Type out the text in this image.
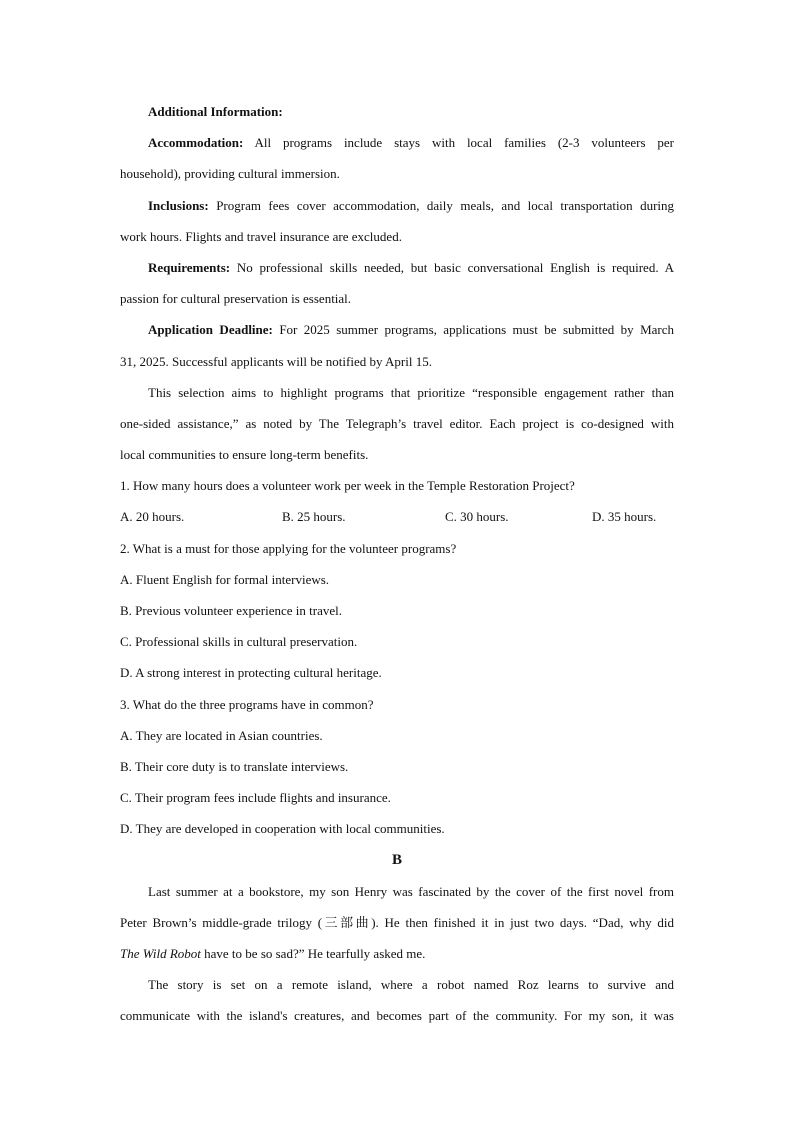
Additional Information:
Accommodation: All programs include stays with local families (2-3 volunteers per
household), providing cultural immersion.
Inclusions: Program fees cover accommodation, daily meals, and local transportation during
work hours. Flights and travel insurance are excluded.
Requirements: No professional skills needed, but basic conversational English is required. A
passion for cultural preservation is essential.
Application Deadline: For 2025 summer programs, applications must be submitted by March
31, 2025. Successful applicants will be notified by April 15.
This selection aims to highlight programs that prioritize “responsible engagement rather than
one-sided assistance,” as noted by The Telegraph’s travel editor. Each project is co-designed with
local communities to ensure long-term benefits.
1. How many hours does a volunteer work per week in the Temple Restoration Project?
A. 20 hours.	B. 25 hours.	C. 30 hours.	D. 35 hours.
2. What is a must for those applying for the volunteer programs?
A. Fluent English for formal interviews.
B. Previous volunteer experience in travel.
C. Professional skills in cultural preservation.
D. A strong interest in protecting cultural heritage.
3. What do the three programs have in common?
A. They are located in Asian countries.
B. Their core duty is to translate interviews.
C. Their program fees include flights and insurance.
D. They are developed in cooperation with local communities.
B
Last summer at a bookstore, my son Henry was fascinated by the cover of the first novel from
Peter Brown’s middle-grade trilogy (三部曲). He then finished it in just two days. “Dad, why did
The Wild Robot have to be so sad?” He tearfully asked me.
The story is set on a remote island, where a robot named Roz learns to survive and
communicate with the island's creatures, and becomes part of the community. For my son, it was
